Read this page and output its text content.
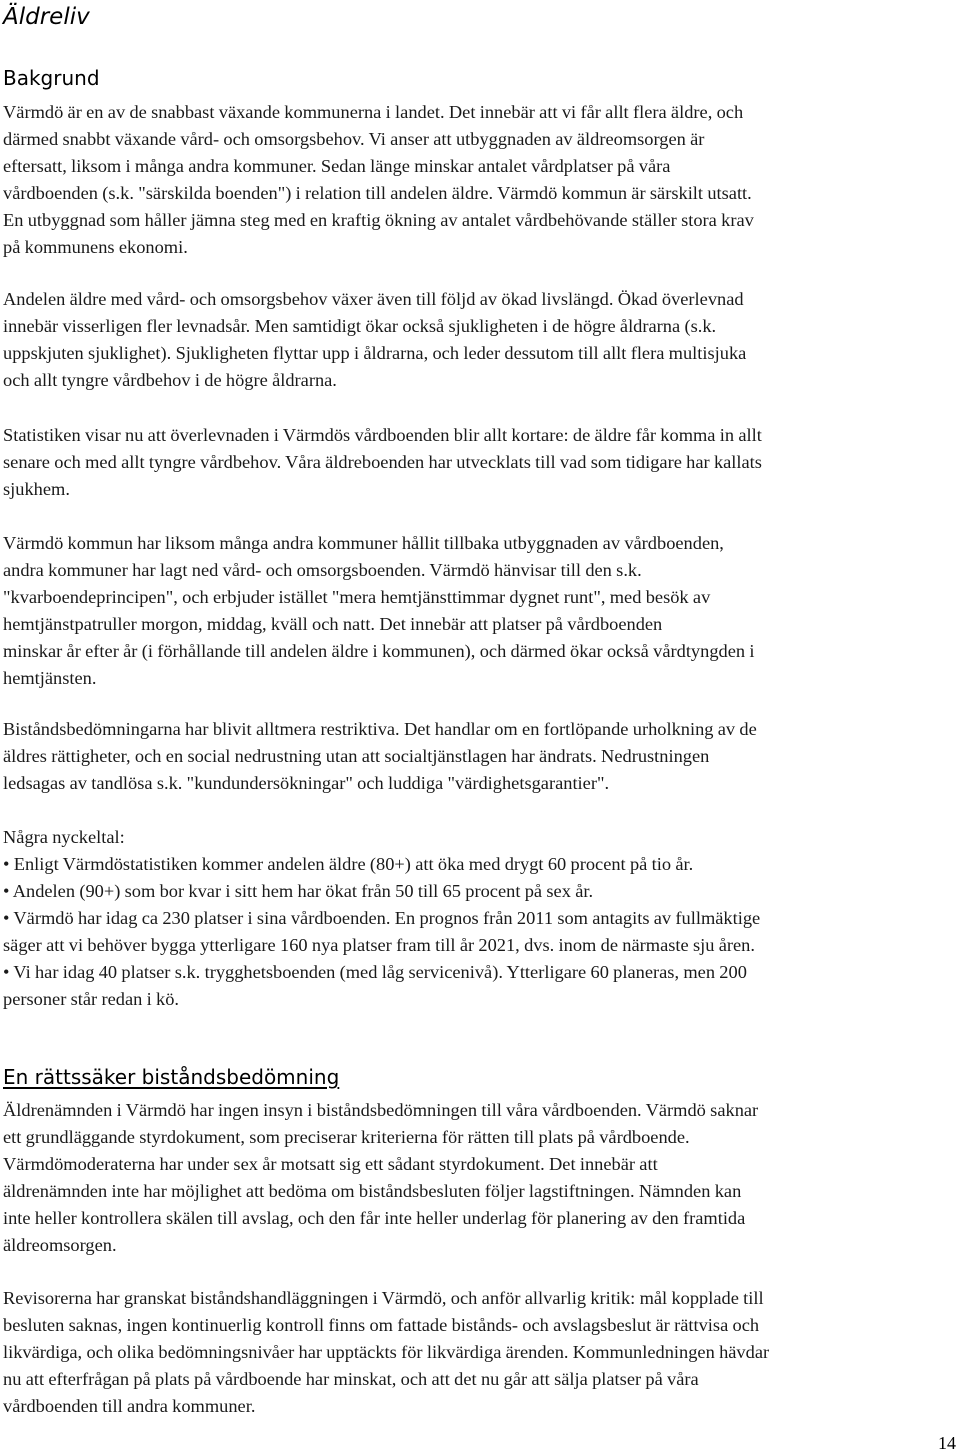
Äldreliv
Bakgrund

Värmdö är en av de snabbast växande kommunerna i landet. Det innebär att vi får allt flera äldre, och
därmed snabbt växande vård- och omsorgsbehov. Vi anser att utbyggnaden av äldreomsorgen är
eftersatt, liksom i många andra kommuner. Sedan länge minskar antalet vårdplatser på våra
vårdboenden (s.k. "särskilda boenden") i relation till andelen äldre. Värmdö kommun är särskilt utsatt.
En utbyggnad som håller jämna steg med en kraftig ökning av antalet vårdbehövande ställer stora krav
på kommunens ekonomi.

Andelen äldre med vård- och omsorgsbehov växer även till följd av ökad livslängd. Ökad överlevnad
innebär visserligen fler levnadsår. Men samtidigt ökar också sjukligheten i de högre åldrarna (s.k.
uppskjuten sjuklighet). Sjukligheten flyttar upp i åldrarna, och leder dessutom till allt flera multisjuka
och allt tyngre vårdbehov i de högre åldrarna.

Statistiken visar nu att överlevnaden i Värmdös vårdboenden blir allt kortare: de äldre får komma in allt
senare och med allt tyngre vårdbehov. Våra äldreboenden har utvecklats till vad som tidigare har kallats
sjukhem.

Värmdö kommun har liksom många andra kommuner hållit tillbaka utbyggnaden av vårdboenden,
andra kommuner har lagt ned vård- och omsorgsboenden. Värmdö hänvisar till den s.k.
"kvarboendeprincipen", och erbjuder istället "mera hemtjänsttimmar dygnet runt", med besök av
hemtjänstpatruller morgon, middag, kväll och natt. Det innebär att platser på vårdboenden
minskar år efter år (i förhållande till andelen äldre i kommunen), och därmed ökar också vårdtyngden i
hemtjänsten.

Biståndsbedömningarna har blivit alltmera restriktiva. Det handlar om en fortlöpande urholkning av de
äldres rättigheter, och en social nedrustning utan att socialtjänstlagen har ändrats. Nedrustningen
ledsagas av tandlösa s.k. "kundundersökningar" och luddiga "värdighetsgarantier".

Några nyckeltal:
• Enligt Värmdöstatistiken kommer andelen äldre (80+) att öka med drygt 60 procent på tio år.
• Andelen (90+) som bor kvar i sitt hem har ökat från 50 till 65 procent på sex år.
• Värmdö har idag ca 230 platser i sina vårdboenden. En prognos från 2011 som antagits av fullmäktige
säger att vi behöver bygga ytterligare 160 nya platser fram till år 2021, dvs. inom de närmaste sju åren.
• Vi har idag 40 platser s.k. trygghetsboenden (med låg servicenivå). Ytterligare 60 planeras, men 200
personer står redan i kö.

En rättssäker biståndsbedömning

Äldrenämnden i Värmdö har ingen insyn i biståndsbedömningen till våra vårdboenden. Värmdö saknar
ett grundläggande styrdokument, som preciserar kriterierna för rätten till plats på vårdboende.
Värmdömoderaterna har under sex år motsatt sig ett sådant styrdokument. Det innebär att
äldrenämnden inte har möjlighet att bedöma om biståndsbesluten följer lagstiftningen. Nämnden kan
inte heller kontrollera skälen till avslag, och den får inte heller underlag för planering av den framtida
äldreomsorgen.

Revisorerna har granskat biståndshandläggningen i Värmdö, och anför allvarlig kritik: mål kopplade till
besluten saknas, ingen kontinuerlig kontroll finns om fattade bistånds- och avslagsbeslut är rättvisa och
likvärdiga, och olika bedömningsnivåer har upptäckts för likvärdiga ärenden. Kommunledningen hävdar
nu att efterfrågan på plats på vårdboende har minskat, och att det nu går att sälja platser på våra
vårdboenden till andra kommuner.

14
